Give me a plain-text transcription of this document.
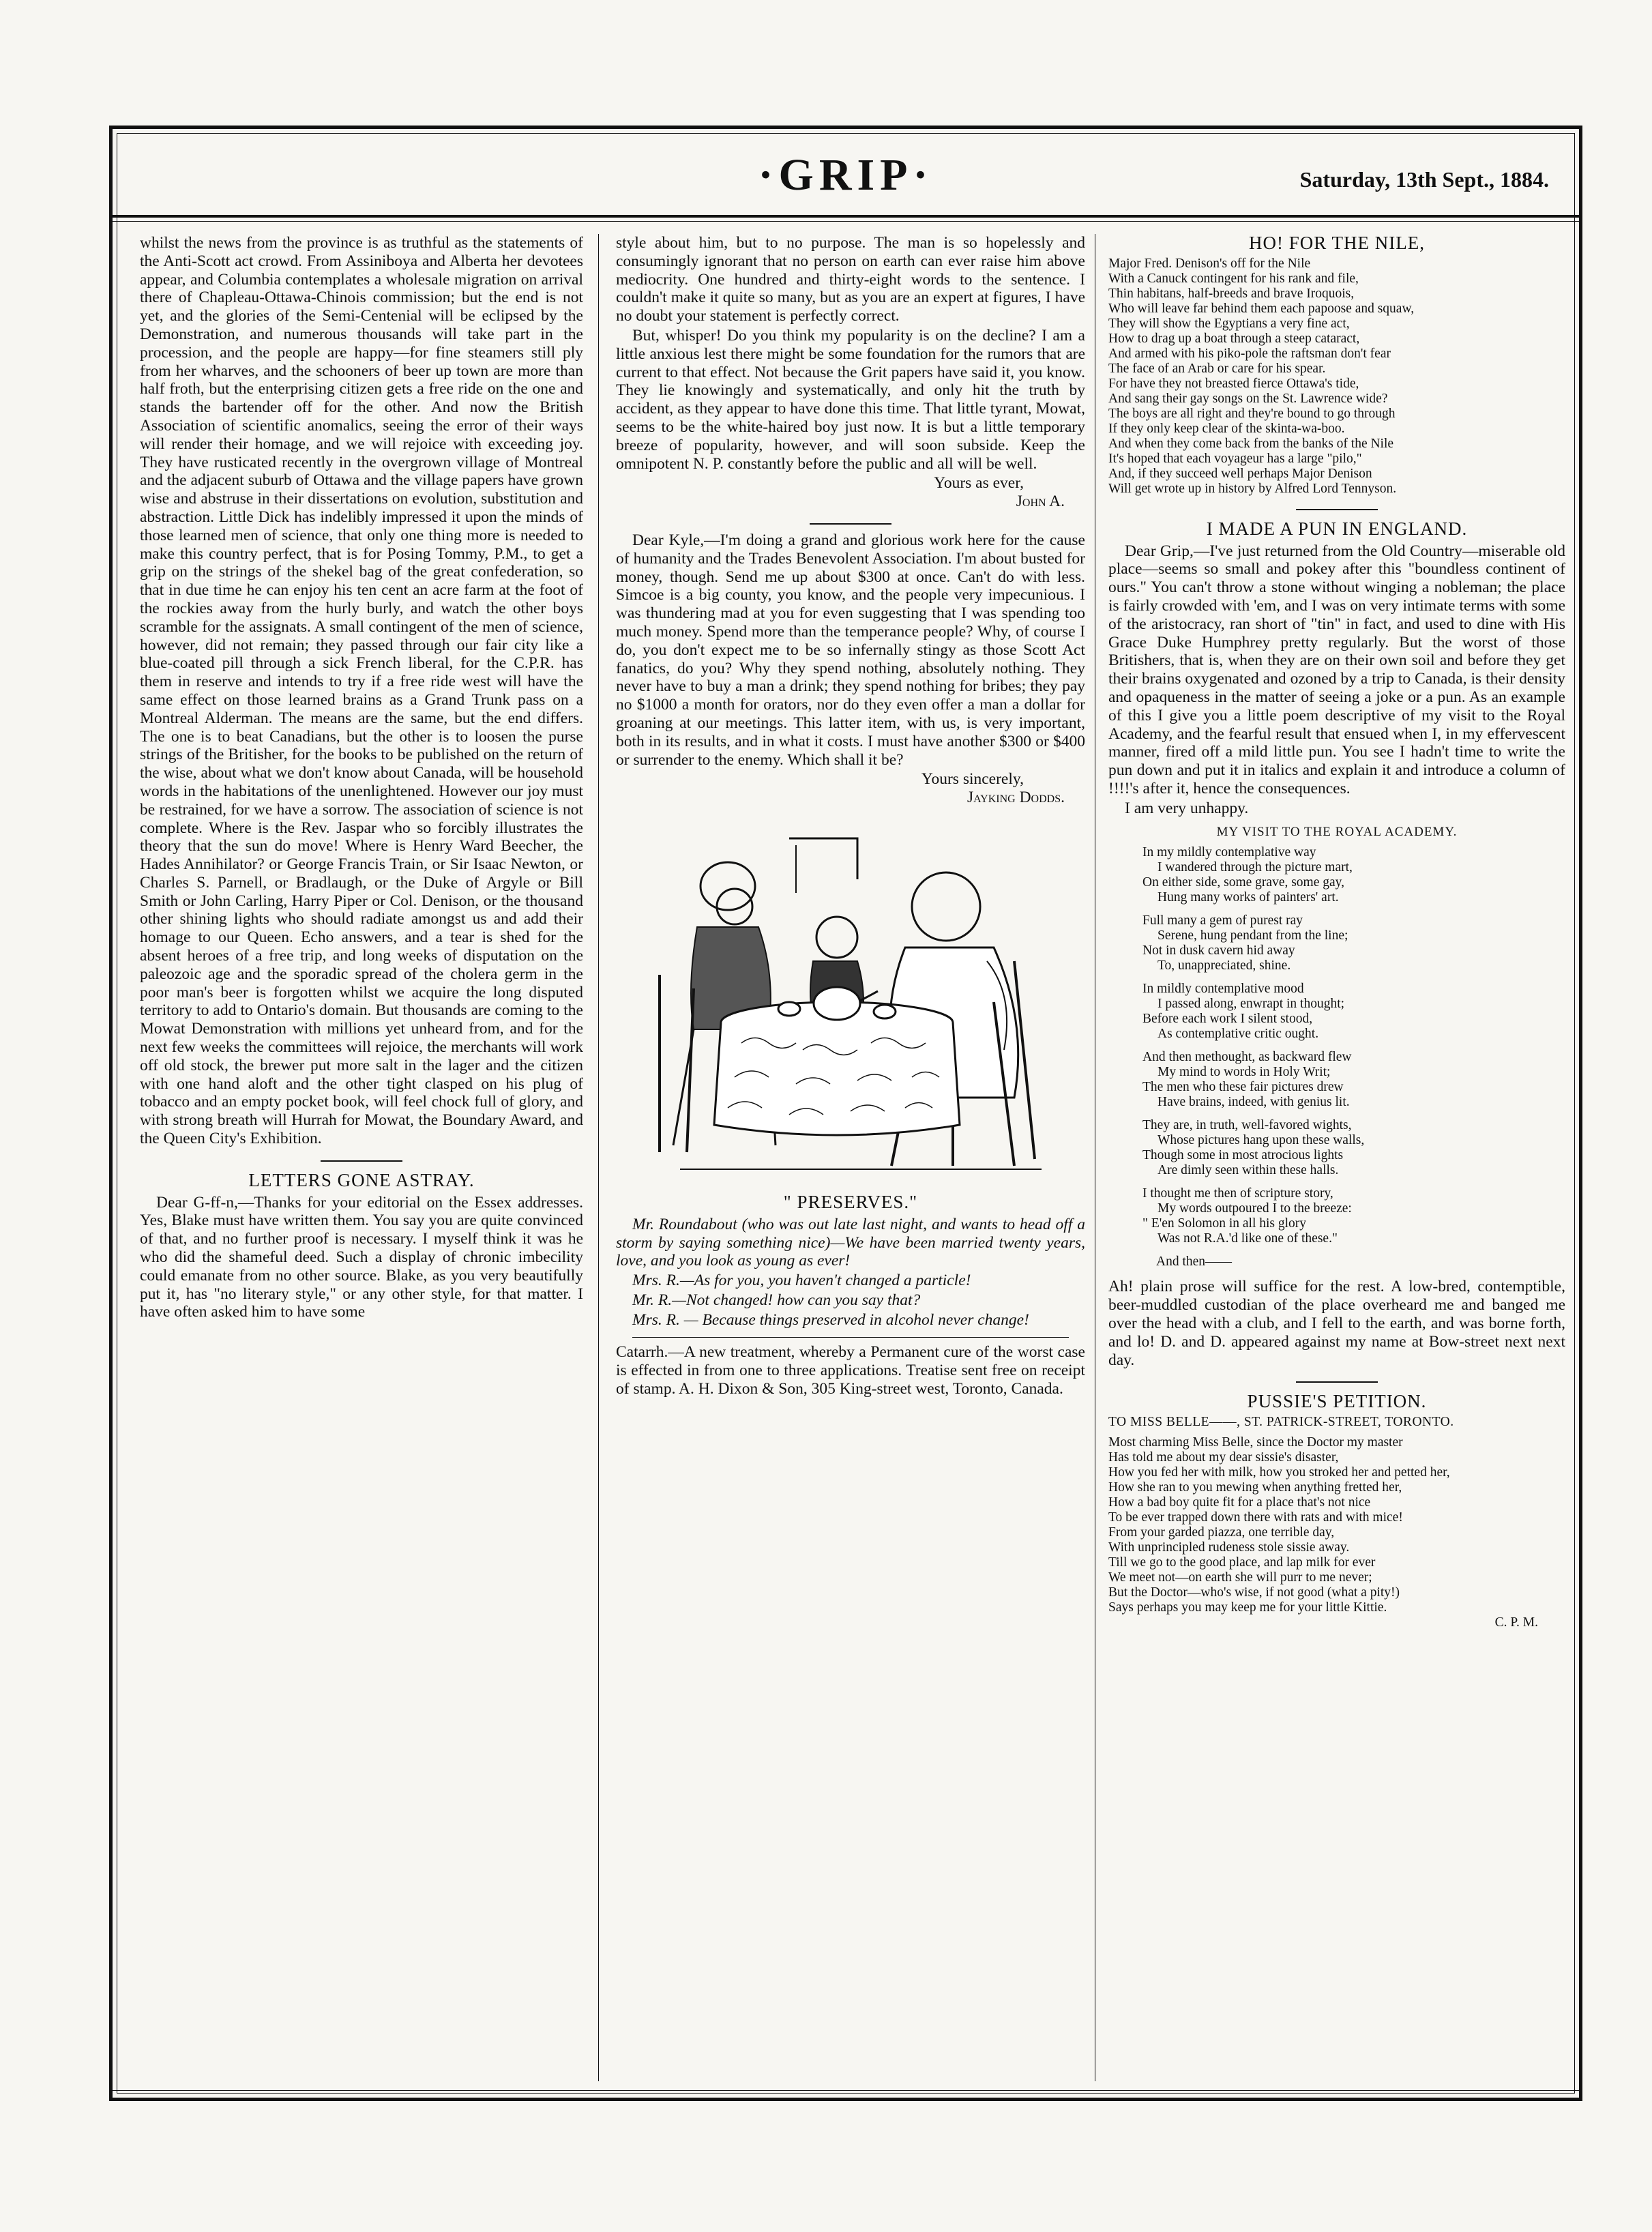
·GRIP·	Saturday, 13th Sept., 1884.

whilst the news from the province is as truthful as the statements of the Anti-Scott act crowd. From Assiniboya and Alberta her devotees appear, and Columbia contemplates a wholesale migration on arrival there of Chapleau-Ottawa-Chinois commission; but the end is not yet, and the glories of the Semi-Centenial will be eclipsed by the Demonstration, and numerous thousands will take part in the procession, and the people are happy—for fine steamers still ply from her wharves, and the schooners of beer up town are more than half froth, but the enterprising citizen gets a free ride on the one and stands the bartender off for the other. And now the British Association of scientific anomalics, seeing the error of their ways will render their homage, and we will rejoice with exceeding joy. They have rusticated recently in the overgrown village of Montreal and the adjacent suburb of Ottawa and the village papers have grown wise and abstruse in their dissertations on evolution, substitution and abstraction. Little Dick has indelibly impressed it upon the minds of those learned men of science, that only one thing more is needed to make this country perfect, that is for Posing Tommy, P.M., to get a grip on the strings of the shekel bag of the great confederation, so that in due time he can enjoy his ten cent an acre farm at the foot of the rockies away from the hurly burly, and watch the other boys scramble for the assignats. A small contingent of the men of science, however, did not remain; they passed through our fair city like a blue-coated pill through a sick French liberal, for the C.P.R. has them in reserve and intends to try if a free ride west will have the same effect on those learned brains as a Grand Trunk pass on a Montreal Alderman. The means are the same, but the end differs. The one is to beat Canadians, but the other is to loosen the purse strings of the Britisher, for the books to be published on the return of the wise, about what we don't know about Canada, will be household words in the habitations of the unenlightened. However our joy must be restrained, for we have a sorrow. The association of science is not complete. Where is the Rev. Jaspar who so forcibly illustrates the theory that the sun do move! Where is Henry Ward Beecher, the Hades Annihilator? or George Francis Train, or Sir Isaac Newton, or Charles S. Parnell, or Bradlaugh, or the Duke of Argyle or Bill Smith or John Carling, Harry Piper or Col. Denison, or the thousand other shining lights who should radiate amongst us and add their homage to our Queen. Echo answers, and a tear is shed for the absent heroes of a free trip, and long weeks of disputation on the paleozoic age and the sporadic spread of the cholera germ in the poor man's beer is forgotten whilst we acquire the long disputed territory to add to Ontario's domain. But thousands are coming to the Mowat Demonstration with millions yet unheard from, and for the next few weeks the committees will rejoice, the merchants will work off old stock, the brewer put more salt in the lager and the citizen with one hand aloft and the other tight clasped on his plug of tobacco and an empty pocket book, will feel chock full of glory, and with strong breath will Hurrah for Mowat, the Boundary Award, and the Queen City's Exhibition.

LETTERS GONE ASTRAY.

Dear G-ff-n,—Thanks for your editorial on the Essex addresses. Yes, Blake must have written them. You say you are quite convinced of that, and no further proof is necessary. I myself think it was he who did the shameful deed. Such a display of chronic imbecility could emanate from no other source. Blake, as you very beautifully put it, has "no literary style," or any other style, for that matter. I have often asked him to have some

style about him, but to no purpose. The man is so hopelessly and consumingly ignorant that no person on earth can ever raise him above mediocrity. One hundred and thirty-eight words to the sentence. I couldn't make it quite so many, but as you are an expert at figures, I have no doubt your statement is perfectly correct.

But, whisper! Do you think my popularity is on the decline? I am a little anxious lest there might be some foundation for the rumors that are current to that effect. Not because the Grit papers have said it, you know. They lie knowingly and systematically, and only hit the truth by accident, as they appear to have done this time. That little tyrant, Mowat, seems to be the white-haired boy just now. It is but a little temporary breeze of popularity, however, and will soon subside. Keep the omnipotent N. P. constantly before the public and all will be well.

Yours as ever,
John A.

Dear Kyle,—I'm doing a grand and glorious work here for the cause of humanity and the Trades Benevolent Association. I'm about busted for money, though. Send me up about $300 at once. Can't do with less. Simcoe is a big county, you know, and the people very impecunious. I was thundering mad at you for even suggesting that I was spending too much money. Spend more than the temperance people? Why, of course I do, you don't expect me to be so infernally stingy as those Scott Act fanatics, do you? Why they spend nothing, absolutely nothing. They never have to buy a man a drink; they spend nothing for bribes; they pay no $1000 a month for orators, nor do they even offer a man a dollar for groaning at our meetings. This latter item, with us, is very important, both in its results, and in what it costs. I must have another $300 or $400 or surrender to the enemy. Which shall it be?

Yours sincerely,
Jayking Dodds.
" PRESERVES."

Mr. Roundabout (who was out late last night, and wants to head off a storm by saying something nice)—We have been married twenty years, love, and you look as young as ever!

Mrs. R.—As for you, you haven't changed a particle!

Mr. R.—Not changed! how can you say that?

Mrs. R. — Because things preserved in alcohol never change!

Catarrh.—A new treatment, whereby a Permanent cure of the worst case is effected in from one to three applications. Treatise sent free on receipt of stamp. A. H. Dixon & Son, 305 King-street west, Toronto, Canada.

HO! FOR THE NILE,
Major Fred. Denison's off for the Nile
With a Canuck contingent for his rank and file,
Thin habitans, half-breeds and brave Iroquois,
Who will leave far behind them each papoose and squaw,
They will show the Egyptians a very fine act,
How to drag up a boat through a steep cataract,
And armed with his piko-pole the raftsman don't fear
The face of an Arab or care for his spear.
For have they not breasted fierce Ottawa's tide,
And sang their gay songs on the St. Lawrence wide?
The boys are all right and they're bound to go through
If they only keep clear of the skinta-wa-boo.
And when they come back from the banks of the Nile
It's hoped that each voyageur has a large "pilo,"
And, if they succeed well perhaps Major Denison
Will get wrote up in history by Alfred Lord Tennyson.
I MADE A PUN IN ENGLAND.

Dear Grip,—I've just returned from the Old Country—miserable old place—seems so small and pokey after this "boundless continent of ours." You can't throw a stone without winging a nobleman; the place is fairly crowded with 'em, and I was on very intimate terms with some of the aristocracy, ran short of "tin" in fact, and used to dine with His Grace Duke Humphrey pretty regularly. But the worst of those Britishers, that is, when they are on their own soil and before they get their brains oxygenated and ozoned by a trip to Canada, is their density and opaqueness in the matter of seeing a joke or a pun. As an example of this I give you a little poem descriptive of my visit to the Royal Academy, and the fearful result that ensued when I, in my effervescent manner, fired off a mild little pun. You see I hadn't time to write the pun down and put it in italics and explain it and introduce a column of !!!!'s after it, hence the consequences.

I am very unhappy.

MY VISIT TO THE ROYAL ACADEMY.
In my mildly contemplative way
I wandered through the picture mart,
On either side, some grave, some gay,
Hung many works of painters' art.
Full many a gem of purest ray
Serene, hung pendant from the line;
Not in dusk cavern hid away
To, unappreciated, shine.
In mildly contemplative mood
I passed along, enwrapt in thought;
Before each work I silent stood,
As contemplative critic ought.
And then methought, as backward flew
My mind to words in Holy Writ;
The men who these fair pictures drew
Have brains, indeed, with genius lit.
They are, in truth, well-favored wights,
Whose pictures hang upon these walls,
Though some in most atrocious lights
Are dimly seen within these halls.
I thought me then of scripture story,
My words outpoured I to the breeze:
" E'en Solomon in all his glory
Was not R.A.'d like one of these."
And then——

Ah! plain prose will suffice for the rest. A low-bred, contemptible, beer-muddled custodian of the place overheard me and banged me over the head with a club, and I fell to the earth, and was borne forth, and lo! D. and D. appeared against my name at Bow-street next next day.

PUSSIE'S PETITION.
TO MISS BELLE——, ST. PATRICK-STREET, TORONTO.
Most charming Miss Belle, since the Doctor my master
Has told me about my dear sissie's disaster,
How you fed her with milk, how you stroked her and petted her,
How she ran to you mewing when anything fretted her,
How a bad boy quite fit for a place that's not nice
To be ever trapped down there with rats and with mice!
From your garded piazza, one terrible day,
With unprincipled rudeness stole sissie away.
Till we go to the good place, and lap milk for ever
We meet not—on earth she will purr to me never;
But the Doctor—who's wise, if not good (what a pity!)
Says perhaps you may keep me for your little Kittie.
C. P. M.
